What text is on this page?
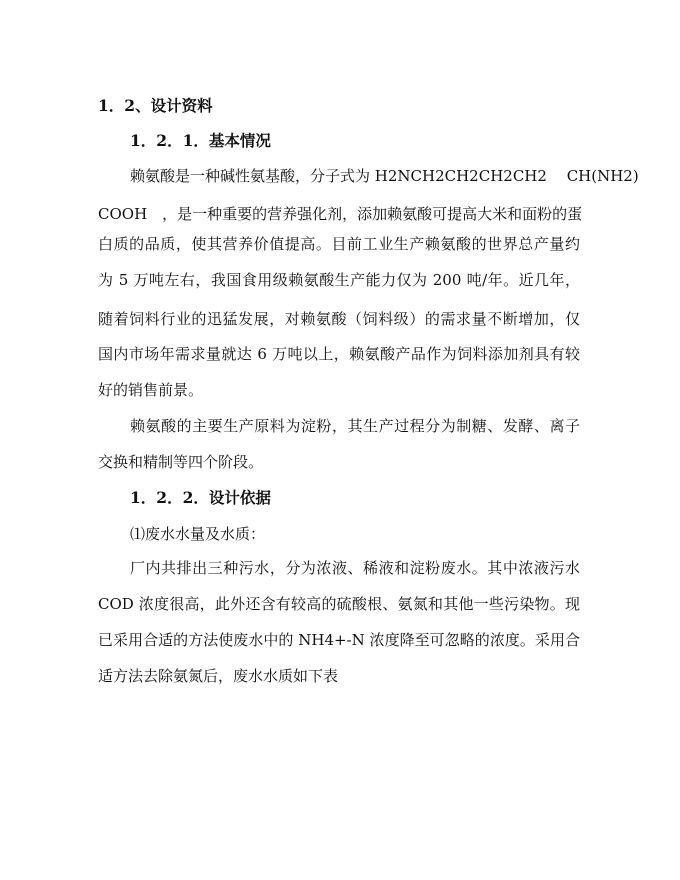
1．2、设计资料
1．2．1．基本情况
赖氨酸是一种碱性氨基酸，分子式为 H2NCH2CH2CH2CH2　 CH(NH2)
COOH　，是一种重要的营养强化剂，添加赖氨酸可提高大米和面粉的蛋
白质的品质，使其营养价值提高。目前工业生产赖氨酸的世界总产量约
为 5 万吨左右，我国食用级赖氨酸生产能力仅为 200 吨/年。近几年，
随着饲料行业的迅猛发展，对赖氨酸（饲料级）的需求量不断增加，仅
国内市场年需求量就达 6 万吨以上，赖氨酸产品作为饲料添加剂具有较
好的销售前景。
赖氨酸的主要生产原料为淀粉，其生产过程分为制糖、发酵、离子
交换和精制等四个阶段。
1．2．2．设计依据
⑴废水水量及水质：
厂内共排出三种污水，分为浓液、稀液和淀粉废水。其中浓液污水
COD 浓度很高，此外还含有较高的硫酸根、氨氮和其他一些污染物。现
已采用合适的方法使废水中的 NH4+-N 浓度降至可忽略的浓度。采用合
适方法去除氨氮后，废水水质如下表
